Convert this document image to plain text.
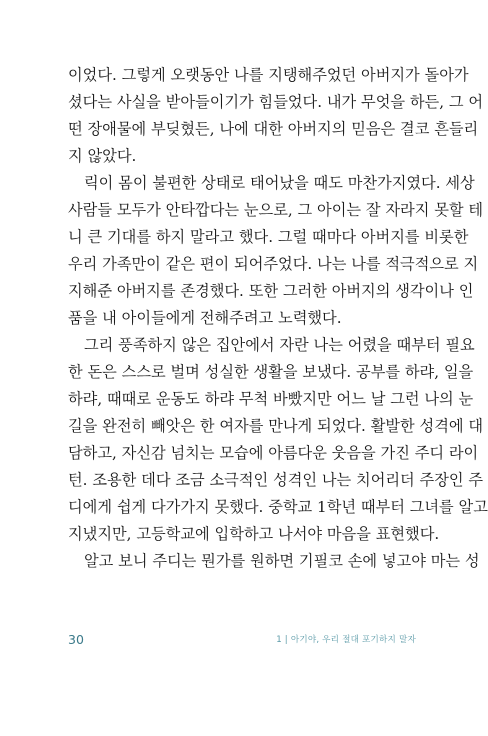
이었다. 그렇게 오랫동안 나를 지탱해주었던 아버지가 돌아가
셨다는 사실을 받아들이기가 힘들었다. 내가 무엇을 하든, 그 어
떤 장애물에 부딪혔든, 나에 대한 아버지의 믿음은 결코 흔들리
지 않았다.
릭이 몸이 불편한 상태로 태어났을 때도 마찬가지였다. 세상
사람들 모두가 안타깝다는 눈으로, 그 아이는 잘 자라지 못할 테
니 큰 기대를 하지 말라고 했다. 그럴 때마다 아버지를 비롯한
우리 가족만이 같은 편이 되어주었다. 나는 나를 적극적으로 지
지해준 아버지를 존경했다. 또한 그러한 아버지의 생각이나 인
품을 내 아이들에게 전해주려고 노력했다.
그리 풍족하지 않은 집안에서 자란 나는 어렸을 때부터 필요
한 돈은 스스로 벌며 성실한 생활을 보냈다. 공부를 하랴, 일을
하랴, 때때로 운동도 하랴 무척 바빴지만 어느 날 그런 나의 눈
길을 완전히 빼앗은 한 여자를 만나게 되었다. 활발한 성격에 대
담하고, 자신감 넘치는 모습에 아름다운 웃음을 가진 주디 라이
턴. 조용한 데다 조금 소극적인 성격인 나는 치어리더 주장인 주
디에게 쉽게 다가가지 못했다. 중학교 1학년 때부터 그녀를 알고
지냈지만, 고등학교에 입학하고 나서야 마음을 표현했다.
알고 보니 주디는 뭔가를 원하면 기필코 손에 넣고야 마는 성
30	1 | 아기야, 우리 절대 포기하지 말자
